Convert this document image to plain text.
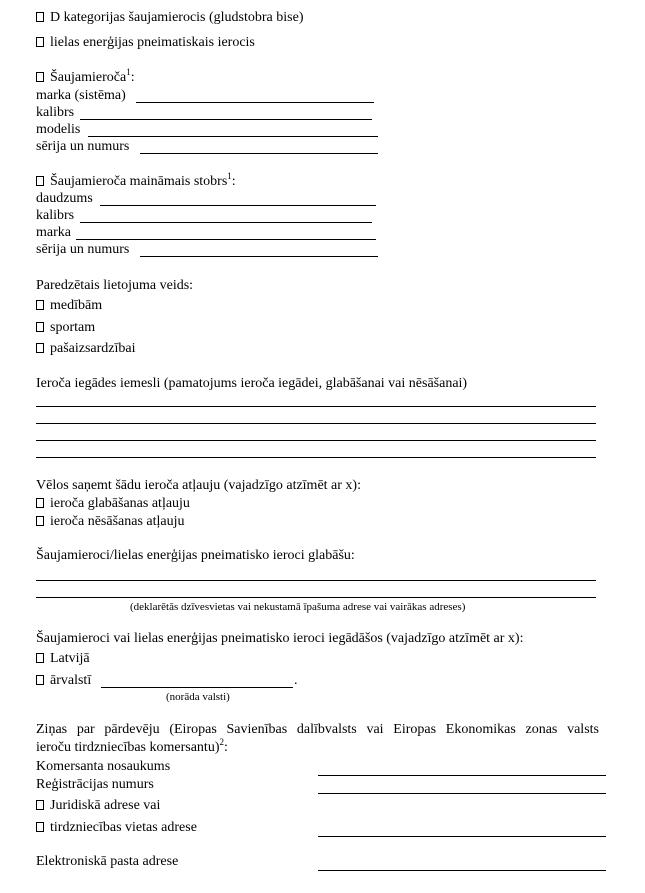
D kategorijas šaujamierocis (gludstobra bise)
lielas enerģijas pneimatiskais ierocis
Šaujamieroča$^1$:
marka (sistēma)
kalibrs
modelis
sērija un numurs
Šaujamieroča maināmais stobrs$^1$:
daudzums
kalibrs
marka
sērija un numurs
Paredzētais lietojuma veids:
medībām
sportam
pašaizsardzībai
Ieroča iegādes iemesli (pamatojums ieroča iegādei, glabāšanai vai nēsāšanai)
Vēlos saņemt šādu ieroča atļauju (vajadzīgo atzīmēt ar x):
ieroča glabāšanas atļauju
ieroča nēsāšanas atļauju
Šaujamieroci/lielas enerģijas pneimatisko ieroci glabāšu:
(deklarētās dzīvesvietas vai nekustamā īpašuma adrese vai vairākas adreses)
Šaujamieroci vai lielas enerģijas pneimatisko ieroci iegādāšos (vajadzīgo atzīmēt ar x):
Latvijā
ārvalstī	.
(norāda valsti)
Ziņas par pārdevēju (Eiropas Savienības dalībvalsts vai Eiropas Ekonomikas zonas valsts
ieroču tirdzniecības komersantu)$^2$:
Komersanta nosaukums
Reģistrācijas numurs
Juridiskā adrese vai
tirdzniecības vietas adrese
Elektroniskā pasta adrese
